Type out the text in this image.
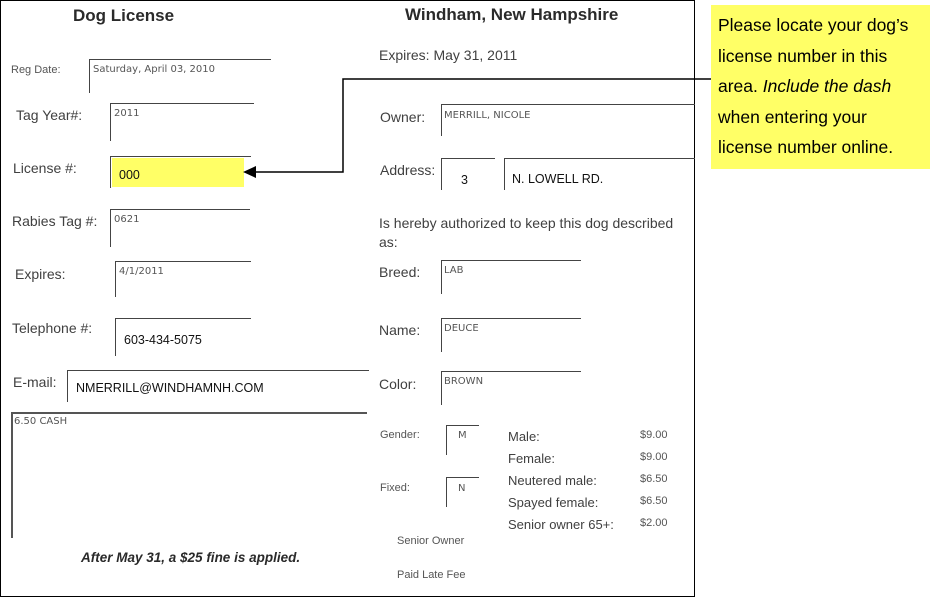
Dog License	Windham, New Hampshire
Expires: May 31, 2011
Reg Date:	Saturday, April 03, 2010
Tag Year#:	2011
License #:	000
Rabies Tag #: 0621
Expires:	4/1/2011
Telephone #:
603-434-5075
E-mail: NMERRILL@WINDHAMNH.COM
6.50 CASH
After May 31, a $25 fine is applied.
Owner: MERRILL, NICOLE
Address:
3	N. LOWELL RD.
Is hereby authorized to keep this dog described
as:
Breed: LAB
Name: DEUCE
Color:	BROWN
Gender:	M
Fixed:	N
Male:	$9.00
Female:	$9.00
Neutered male:	$6.50
Spayed female:	$6.50
Senior owner 65+: $2.00
Senior Owner
Paid Late Fee
Please locate your dog’s license number in this area. Include the dash when entering your license number online.
